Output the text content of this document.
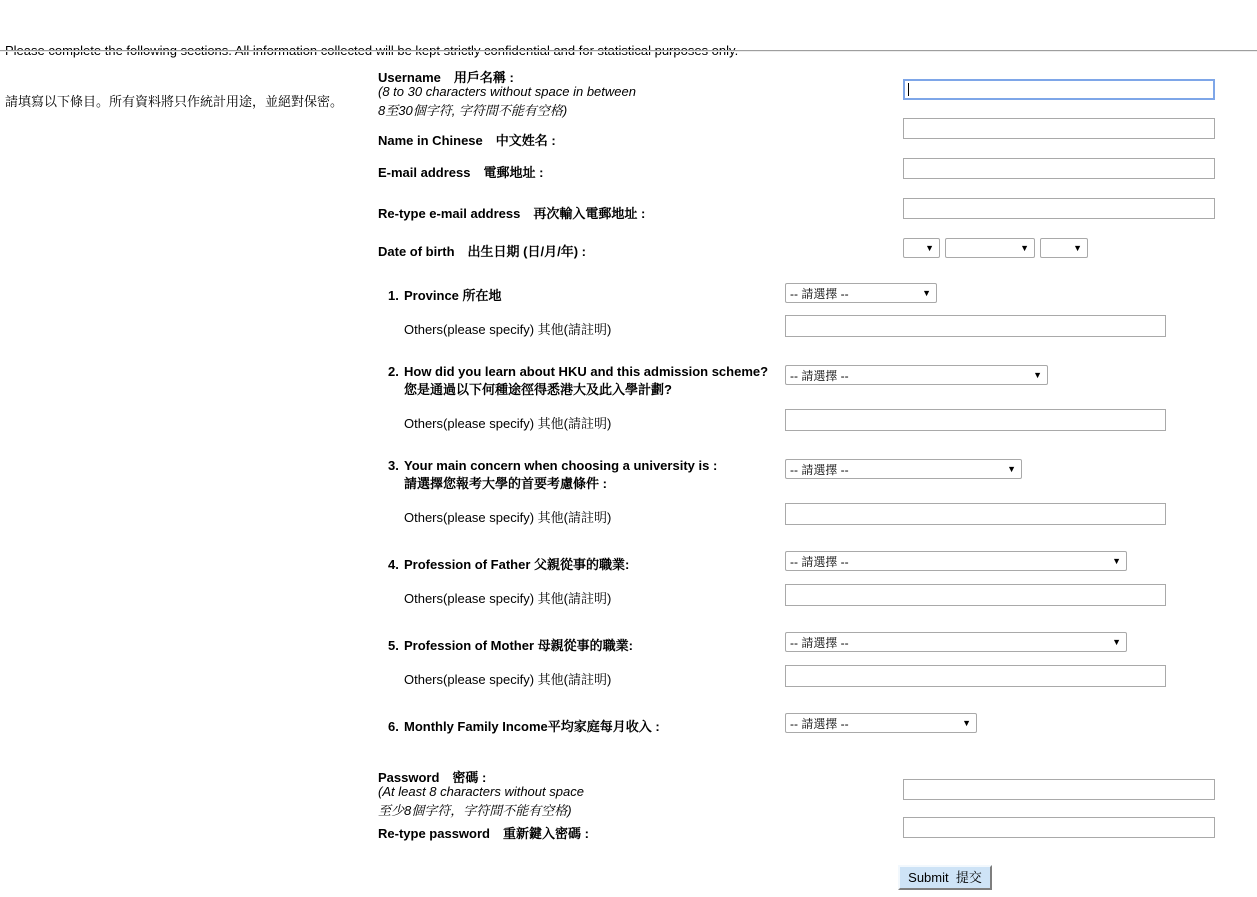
Please complete the following sections. All information collected will be kept strictly confidential and for statistical purposes only.

請填寫以下條目。所有資料將只作統計用途，並絕對保密。

Username　用戶名稱 :
(8 to 30 characters without space in between
8至30個字符, 字符間不能有空格)
Name in Chinese　中文姓名 :
E-mail address　電郵地址 :
Re-type e-mail address　再次輸入電郵地址 :
Date of birth　出生日期 (日/月/年) :	▼	▼	▼
1. Province 所在地	-- 請選擇 --	▼
Others(please specify) 其他(請註明)
2. How did you learn about HKU and this admission scheme?
您是通過以下何種途徑得悉港大及此入學計劃?
-- 請選擇 --	▼
Others(please specify) 其他(請註明)
3. Your main concern when choosing a university is :
請選擇您報考大學的首要考慮條件 :
-- 請選擇 --	▼
Others(please specify) 其他(請註明)
4. Profession of Father 父親從事的職業:	-- 請選擇 --	▼
Others(please specify) 其他(請註明)
5. Profession of Mother 母親從事的職業:	-- 請選擇 --	▼
Others(please specify) 其他(請註明)
6. Monthly Family Income平均家庭每月收入 :	-- 請選擇 --	▼
Password　密碼 :
(At least 8 characters without space
至少8個字符，字符間不能有空格)
Re-type password　重新鍵入密碼 :
Submit  提交
